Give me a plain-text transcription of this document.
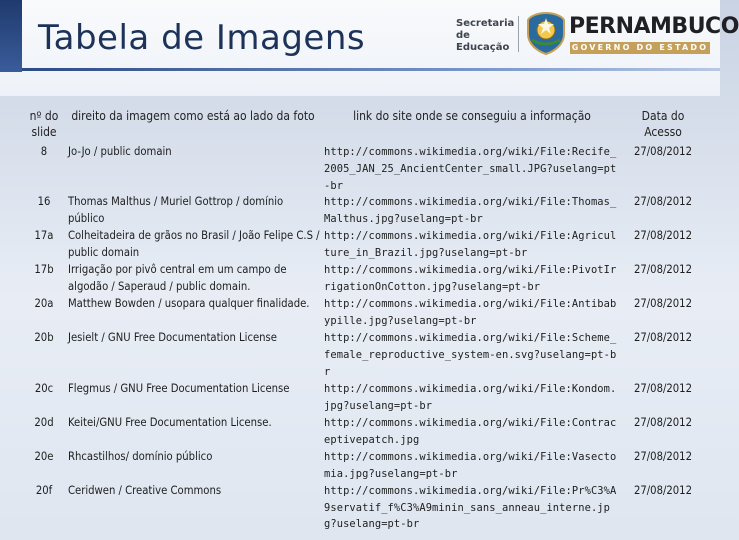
Tabela de Imagens	Secretaria
de
Educação
PERNAMBUCO
GOVERNO DO ESTADO
nº do slide	direito da imagem como está ao lado da foto	link do site onde se conseguiu a informação	Data do Acesso
8	Jo-Jo / public domain	http://commons.wikimedia.org/wiki/File:Recife_2005_JAN_25_AncientCenter_small.JPG?uselang=pt-br	27/08/2012
16	Thomas Malthus / Muriel Gottrop / domínio público	http://commons.wikimedia.org/wiki/File:Thomas_Malthus.jpg?uselang=pt-br	27/08/2012
17a	Colheitadeira de grãos no Brasil / João Felipe C.S / public domain	http://commons.wikimedia.org/wiki/File:Agriculture_in_Brazil.jpg?uselang=pt-br	27/08/2012
17b	Irrigação por pivô central em um campo de algodão / Saperaud / public domain.	http://commons.wikimedia.org/wiki/File:PivotIrrigationOnCotton.jpg?uselang=pt-br	27/08/2012
20a	Matthew Bowden / usopara qualquer finalidade.	http://commons.wikimedia.org/wiki/File:Antibabypille.jpg?uselang=pt-br	27/08/2012
20b	Jesielt / GNU Free Documentation License	http://commons.wikimedia.org/wiki/File:Scheme_female_reproductive_system-en.svg?uselang=pt-br	27/08/2012
20c	Flegmus / GNU Free Documentation License	http://commons.wikimedia.org/wiki/File:Kondom.jpg?uselang=pt-br	27/08/2012
20d	Keitei/GNU Free Documentation License.	http://commons.wikimedia.org/wiki/File:Contraceptivepatch.jpg	27/08/2012
20e	Rhcastilhos/ domínio público	http://commons.wikimedia.org/wiki/File:Vasectomia.jpg?uselang=pt-br	27/08/2012
20f	Ceridwen / Creative Commons	http://commons.wikimedia.org/wiki/File:Pr%C3%A9servatif_f%C3%A9minin_sans_anneau_interne.jpg?uselang=pt-br	27/08/2012
